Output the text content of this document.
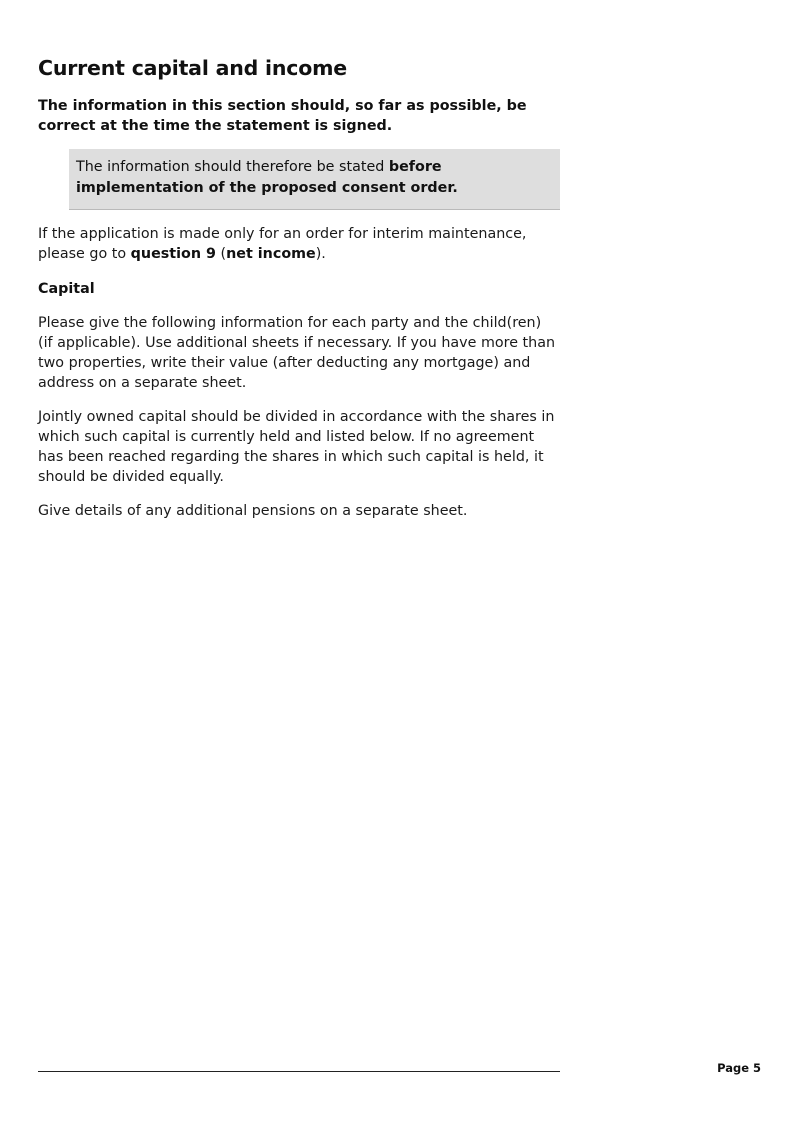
Current capital and income

The information in this section should, so far as possible, be correct at the time the statement is signed.

The information should therefore be stated before implementation of the proposed consent order.

If the application is made only for an order for interim maintenance, please go to question 9 (net income).

Capital

Please give the following information for each party and the child(ren) (if applicable). Use additional sheets if necessary. If you have more than two properties, write their value (after deducting any mortgage) and address on a separate sheet.

Jointly owned capital should be divided in accordance with the shares in which such capital is currently held and listed below. If no agreement has been reached regarding the shares in which such capital is held, it should be divided equally.

Give details of any additional pensions on a separate sheet.

Page 5
